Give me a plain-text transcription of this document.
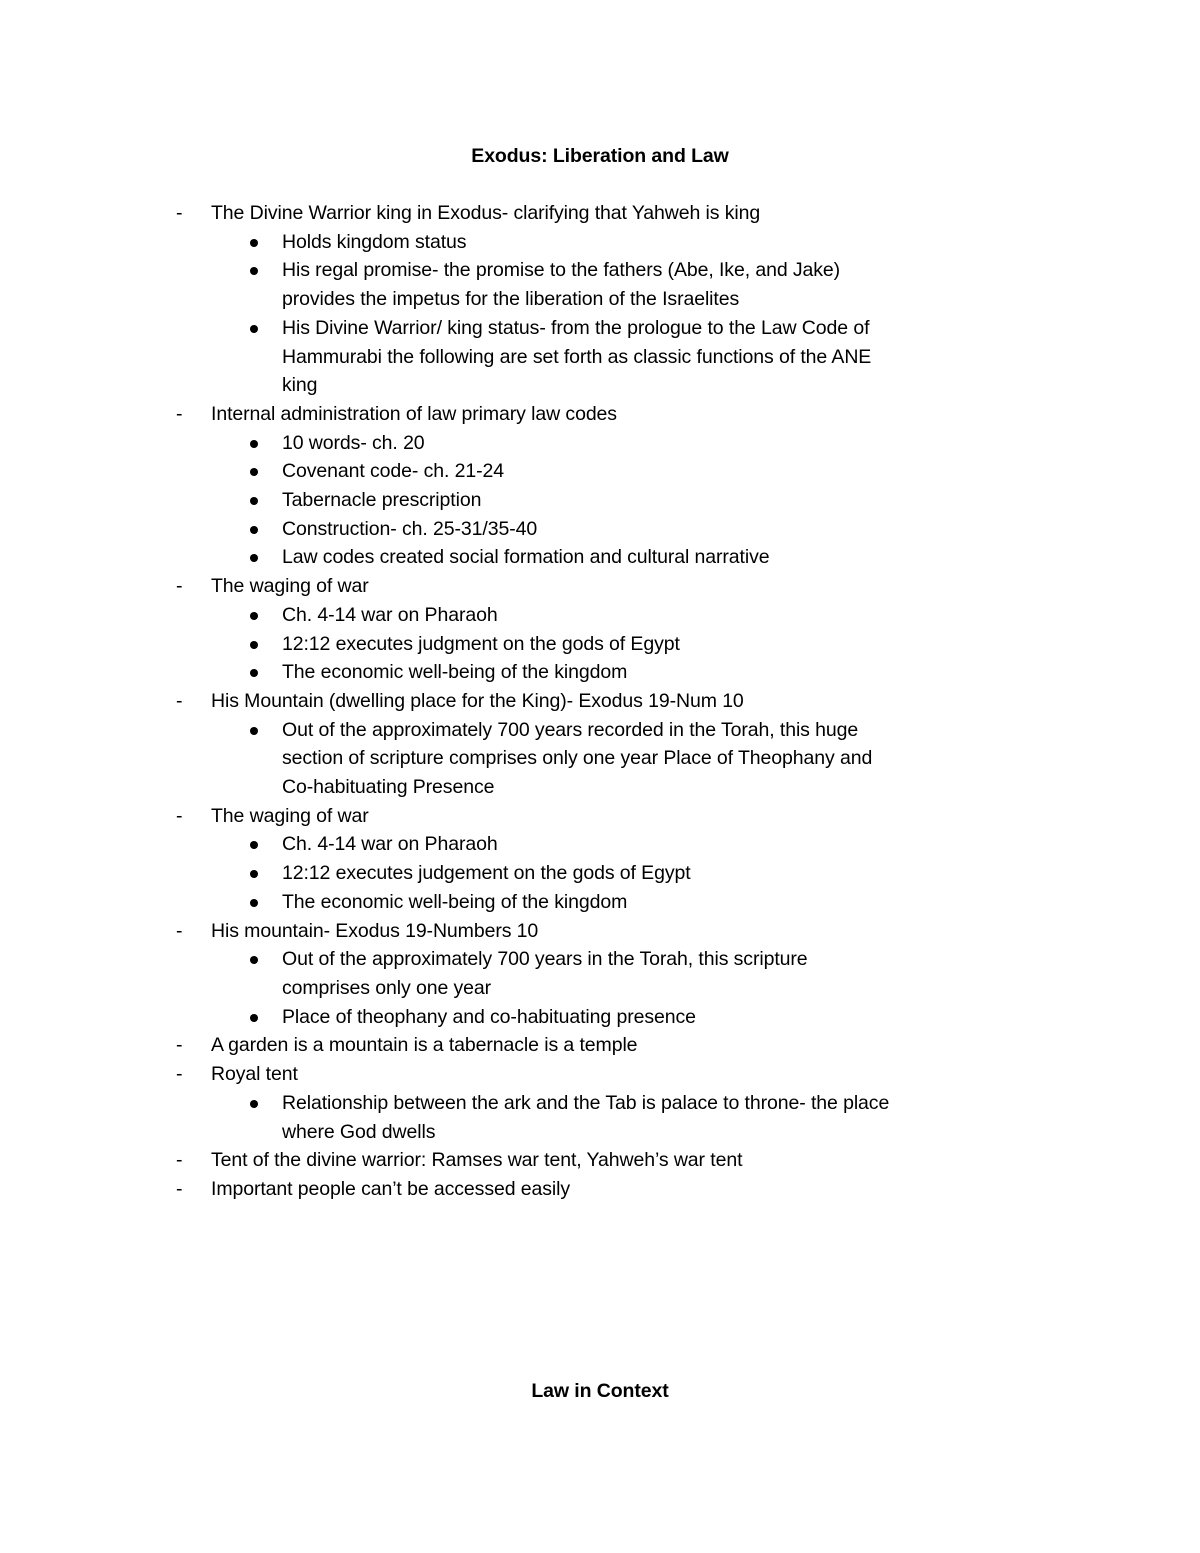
Exodus: Liberation and Law
- The Divine Warrior king in Exodus- clarifying that Yahweh is king
Holds kingdom status
His regal promise- the promise to the fathers (Abe, Ike, and Jake) provides the impetus for the liberation of the Israelites
His Divine Warrior/ king status- from the prologue to the Law Code of Hammurabi the following are set forth as classic functions of the ANE king
- Internal administration of law primary law codes
10 words- ch. 20
Covenant code- ch. 21-24
Tabernacle prescription
Construction- ch. 25-31/35-40
Law codes created social formation and cultural narrative
- The waging of war
Ch. 4-14 war on Pharaoh
12:12 executes judgment on the gods of Egypt
The economic well-being of the kingdom
- His Mountain (dwelling place for the King)- Exodus 19-Num 10
Out of the approximately 700 years recorded in the Torah, this huge section of scripture comprises only one year Place of Theophany and Co-habituating Presence
- The waging of war
Ch. 4-14 war on Pharaoh
12:12 executes judgement on the gods of Egypt
The economic well-being of the kingdom
- His mountain- Exodus 19-Numbers 10
Out of the approximately 700 years in the Torah, this scripture comprises only one year
Place of theophany and co-habituating presence
- A garden is a mountain is a tabernacle is a temple
- Royal tent
Relationship between the ark and the Tab is palace to throne- the place where God dwells
- Tent of the divine warrior: Ramses war tent, Yahweh’s war tent
- Important people can’t be accessed easily
Law in Context
